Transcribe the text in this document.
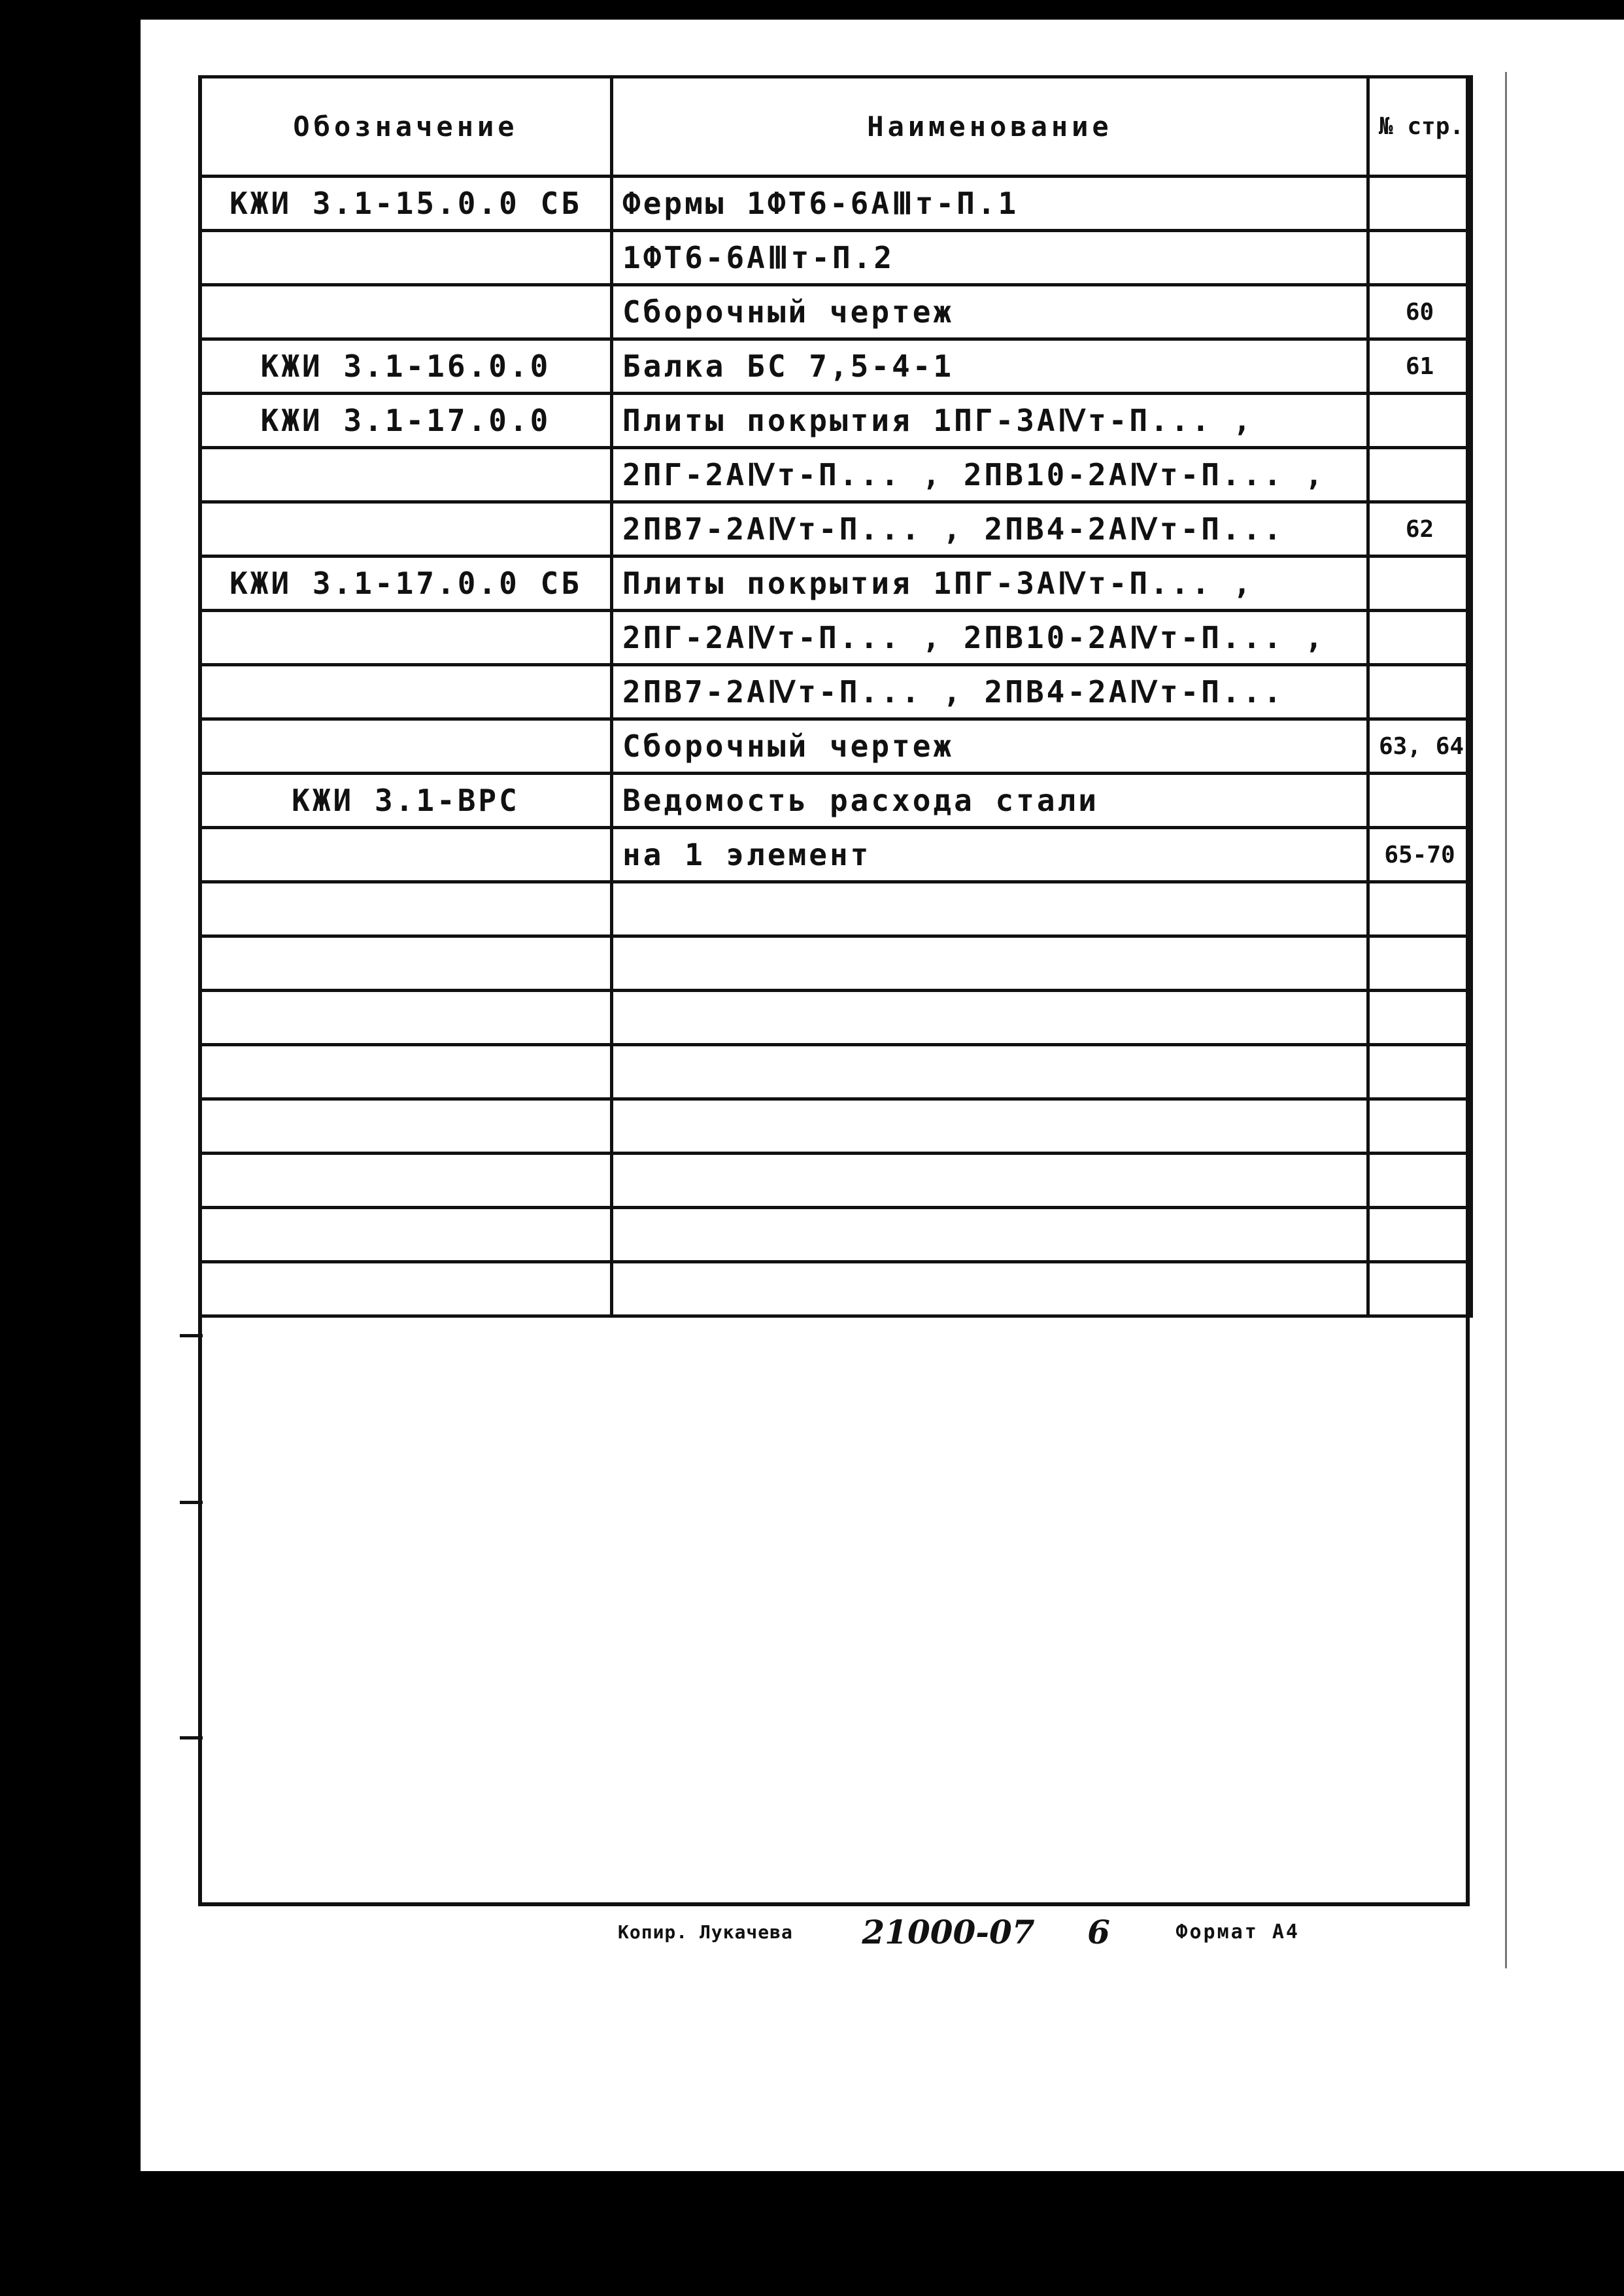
Обозначение	Наименование	№ стр.
КЖИ 3.1-15.0.0 СБ	Фермы 1ФТ6-6АⅢт-П.1	
	1ФТ6-6АⅢт-П.2	
	Сборочный чертеж	60
КЖИ 3.1-16.0.0	Балка БС 7,5-4-1	61
КЖИ 3.1-17.0.0	Плиты покрытия 1ПГ-3АⅣт-П... ,	
	2ПГ-2АⅣт-П... , 2ПВ10-2АⅣт-П... ,	
	2ПВ7-2АⅣт-П... , 2ПВ4-2АⅣт-П...	62
КЖИ 3.1-17.0.0 СБ	Плиты покрытия 1ПГ-3АⅣт-П... ,	
	2ПГ-2АⅣт-П... , 2ПВ10-2АⅣт-П... ,	
	2ПВ7-2АⅣт-П... , 2ПВ4-2АⅣт-П...	
	Сборочный чертеж	63, 64
КЖИ 3.1-ВРС	Ведомость расхода стали	
	на 1 элемент	65-70

Копир. Лукачева 21000-07 6	Формат А4
